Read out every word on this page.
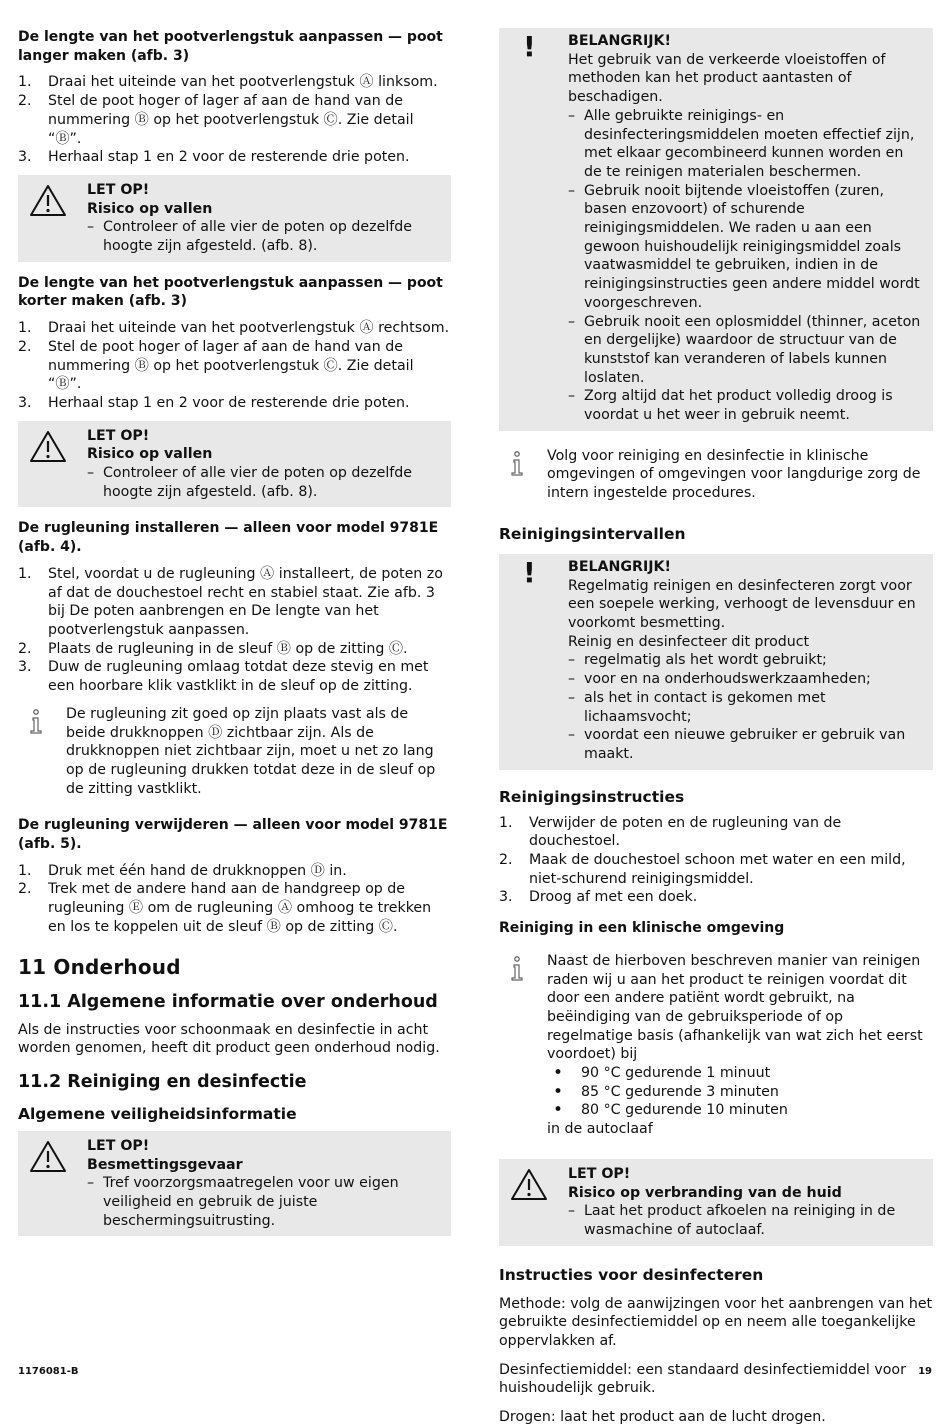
De lengte van het pootverlengstuk aanpassen — poot langer maken (afb. 3)

1. Draai het uiteinde van het pootverlengstuk Ⓐ linksom.
2. Stel de poot hoger of lager af aan de hand van de nummering Ⓑ op het pootverlengstuk Ⓒ. Zie detail “Ⓑ”.
3. Herhaal stap 1 en 2 voor de resterende drie poten.

LET OP!

Risico op vallen

– Controleer of alle vier de poten op dezelfde hoogte zijn afgesteld. (afb. 8).

De lengte van het pootverlengstuk aanpassen — poot korter maken (afb. 3)

1. Draai het uiteinde van het pootverlengstuk Ⓐ rechtsom.
2. Stel de poot hoger of lager af aan de hand van de nummering Ⓑ op het pootverlengstuk Ⓒ. Zie detail “Ⓑ”.
3. Herhaal stap 1 en 2 voor de resterende drie poten.

LET OP!

Risico op vallen

– Controleer of alle vier de poten op dezelfde hoogte zijn afgesteld. (afb. 8).

De rugleuning installeren — alleen voor model 9781E (afb. 4).

1. Stel, voordat u de rugleuning Ⓐ installeert, de poten zo af dat de douchestoel recht en stabiel staat. Zie afb. 3 bij De poten aanbrengen en De lengte van het pootverlengstuk aanpassen.
2. Plaats de rugleuning in de sleuf Ⓑ op de zitting Ⓒ.
3. Duw de rugleuning omlaag totdat deze stevig en met een hoorbare klik vastklikt in de sleuf op de zitting.

De rugleuning zit goed op zijn plaats vast als de beide drukknoppen Ⓓ zichtbaar zijn. Als de drukknoppen niet zichtbaar zijn, moet u net zo lang op de rugleuning drukken totdat deze in de sleuf op de zitting vastklikt.

De rugleuning verwijderen — alleen voor model 9781E (afb. 5).

1. Druk met één hand de drukknoppen Ⓓ in.
2. Trek met de andere hand aan de handgreep op de rugleuning Ⓔ om de rugleuning Ⓐ omhoog te trekken en los te koppelen uit de sleuf Ⓑ op de zitting Ⓒ.

11 Onderhoud

11.1 Algemene informatie over onderhoud

Als de instructies voor schoonmaak en desinfectie in acht worden genomen, heeft dit product geen onderhoud nodig.

11.2 Reiniging en desinfectie

Algemene veiligheidsinformatie

LET OP!

Besmettingsgevaar

– Tref voorzorgsmaatregelen voor uw eigen veiligheid en gebruik de juiste beschermingsuitrusting.

! BELANGRIJK!

Het gebruik van de verkeerde vloeistoffen of methoden kan het product aantasten of beschadigen.

– Alle gebruikte reinigings- en desinfecteringsmiddelen moeten effectief zijn, met elkaar gecombineerd kunnen worden en de te reinigen materialen beschermen.

– Gebruik nooit bijtende vloeistoffen (zuren, basen enzovoort) of schurende reinigingsmiddelen. We raden u aan een gewoon huishoudelijk reinigingsmiddel zoals vaatwasmiddel te gebruiken, indien in de reinigingsinstructies geen andere middel wordt voorgeschreven.

– Gebruik nooit een oplosmiddel (thinner, aceton en dergelijke) waardoor de structuur van de kunststof kan veranderen of labels kunnen loslaten.

– Zorg altijd dat het product volledig droog is voordat u het weer in gebruik neemt.

Volg voor reiniging en desinfectie in klinische omgevingen of omgevingen voor langdurige zorg de intern ingestelde procedures.

Reinigingsintervallen

! BELANGRIJK!

Regelmatig reinigen en desinfecteren zorgt voor een soepele werking, verhoogt de levensduur en voorkomt besmetting.

Reinig en desinfecteer dit product

– regelmatig als het wordt gebruikt;

– voor en na onderhoudswerkzaamheden;

– als het in contact is gekomen met lichaamsvocht;

– voordat een nieuwe gebruiker er gebruik van maakt.

Reinigingsinstructies

1. Verwijder de poten en de rugleuning van de douchestoel.
2. Maak de douchestoel schoon met water en een mild, niet-schurend reinigingsmiddel.
3. Droog af met een doek.

Reiniging in een klinische omgeving

Naast de hierboven beschreven manier van reinigen raden wij u aan het product te reinigen voordat dit door een andere patiënt wordt gebruikt, na beëindiging van de gebruiksperiode of op regelmatige basis (afhankelijk van wat zich het eerst voordoet) bij

• 90 °C gedurende 1 minuut
• 85 °C gedurende 3 minuten
• 80 °C gedurende 10 minuten

in de autoclaaf

LET OP!

Risico op verbranding van de huid

– Laat het product afkoelen na reiniging in de wasmachine of autoclaaf.

Instructies voor desinfecteren

Methode: volg de aanwijzingen voor het aanbrengen van het gebruikte desinfectiemiddel op en neem alle toegankelijke oppervlakken af.

Desinfectiemiddel: een standaard desinfectiemiddel voor huishoudelijk gebruik.

Drogen: laat het product aan de lucht drogen.

1176081-B	19
